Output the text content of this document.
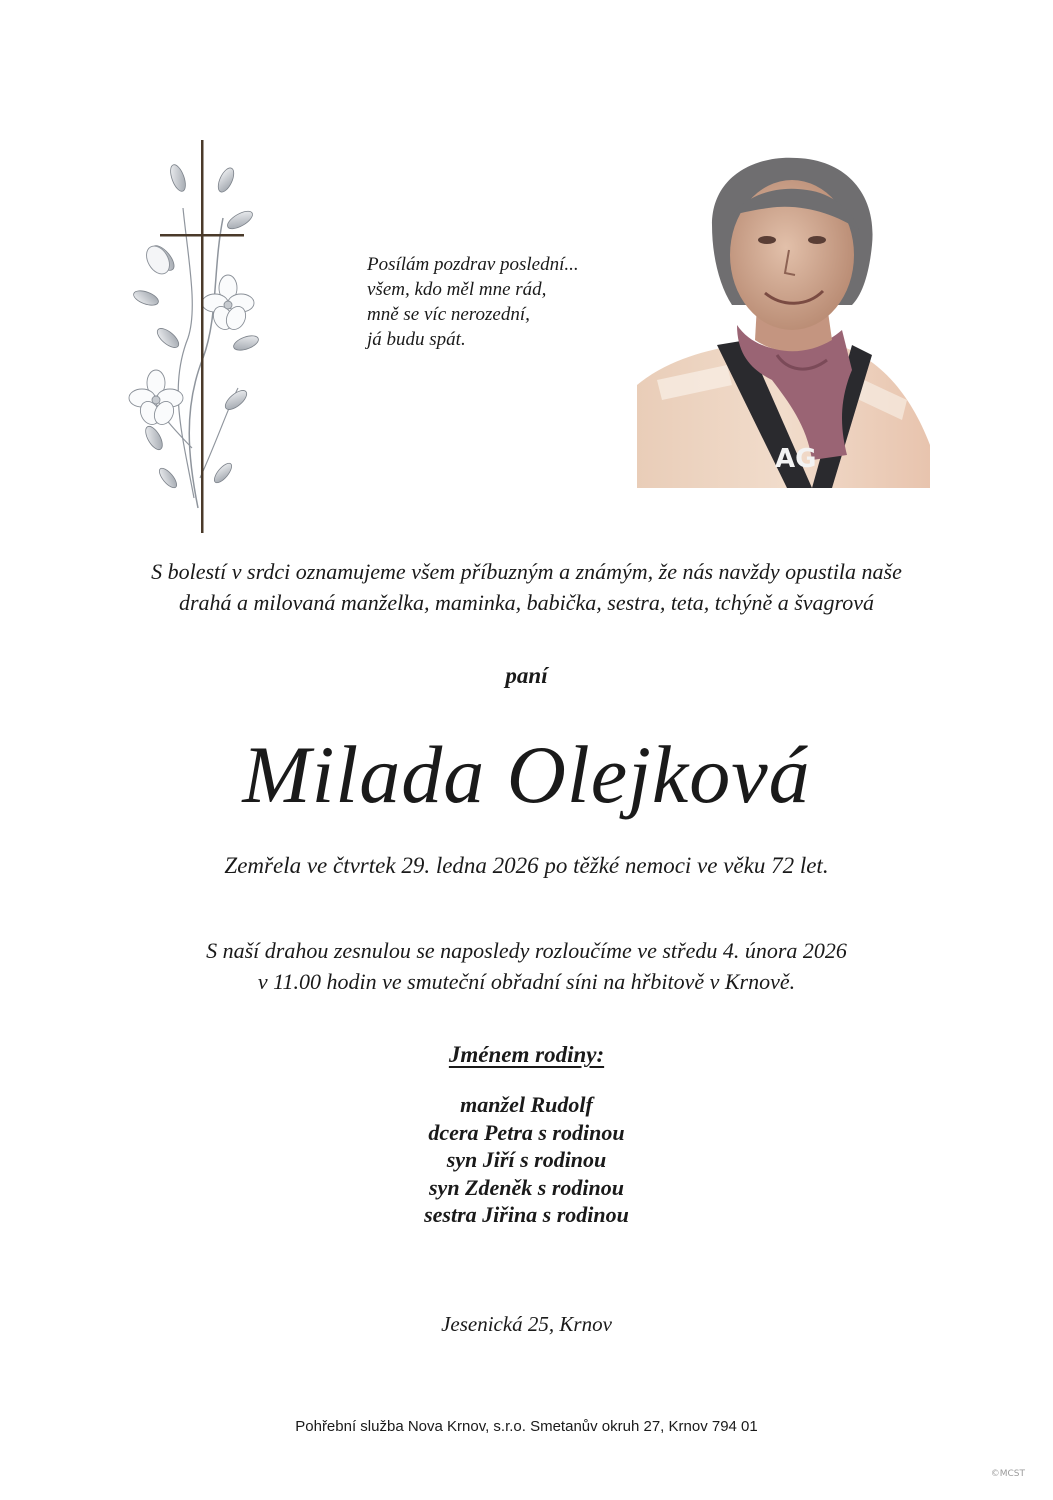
Posílám pozdrav poslední...
všem, kdo měl mne rád,
mně se víc nerozední,
já budu spát.
AG
S bolestí v srdci oznamujeme všem příbuzným a známým, že nás navždy opustila naše
drahá a milovaná manželka, maminka, babička, sestra, teta, tchýně a švagrová
paní
Milada Olejková
Zemřela ve čtvrtek 29. ledna 2026 po těžké nemoci ve věku 72 let.
S naší drahou zesnulou se naposledy rozloučíme ve středu 4. února 2026
v 11.00 hodin ve smuteční obřadní síni na hřbitově v Krnově.
Jménem rodiny:
manžel Rudolf
dcera Petra s rodinou
syn Jiří s rodinou
syn Zdeněk s rodinou
sestra Jiřina s rodinou
Jesenická 25, Krnov
Pohřební služba Nova Krnov, s.r.o. Smetanův okruh 27, Krnov 794 01
©MCST
